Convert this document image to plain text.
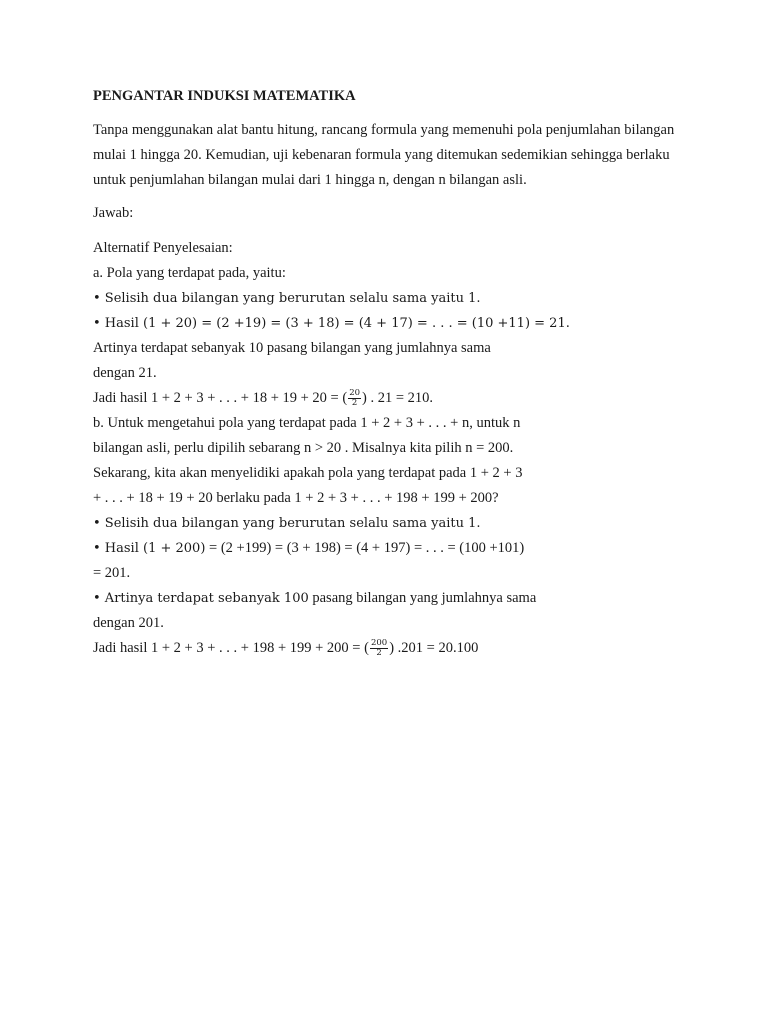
PENGANTAR INDUKSI MATEMATIKA

Tanpa menggunakan alat bantu hitung, rancang formula yang memenuhi pola penjumlahan bilangan mulai 1 hingga 20. Kemudian, uji kebenaran formula yang ditemukan sedemikian sehingga berlaku untuk penjumlahan bilangan mulai dari 1 hingga n, dengan n bilangan asli.

Jawab:
Alternatif Penyelesaian:
a. Pola yang terdapat pada, yaitu:
• Selisih dua bilangan yang berurutan selalu sama yaitu 1.
• Hasil (1 + 20) = (2 +19) = (3 + 18) = (4 + 17) = . . . = (10 +11) = 21.
Artinya terdapat sebanyak 10 pasang bilangan yang jumlahnya sama
dengan 21.
Jadi hasil 1 + 2 + 3 + . . . + 18 + 19 + 20 = ( $\frac{20}{2}$ ) . 21 = 210.
b. Untuk mengetahui pola yang terdapat pada 1 + 2 + 3 + . . . + n, untuk n
bilangan asli, perlu dipilih sebarang n > 20 . Misalnya kita pilih n = 200.
Sekarang, kita akan menyelidiki apakah pola yang terdapat pada 1 + 2 + 3
+ . . . + 18 + 19 + 20 berlaku pada 1 + 2 + 3 + . . . + 198 + 199 + 200?
• Selisih dua bilangan yang berurutan selalu sama yaitu 1.
• Hasil (1 + 200) = (2 +199) = (3 + 198) = (4 + 197) = . . . = (100 +101)
= 201.
• Artinya terdapat sebanyak 100 pasang bilangan yang jumlahnya sama
dengan 201.
Jadi hasil 1 + 2 + 3 + . . . + 198 + 199 + 200 = ( $\frac{200}{2}$ ) .201 = 20.100
